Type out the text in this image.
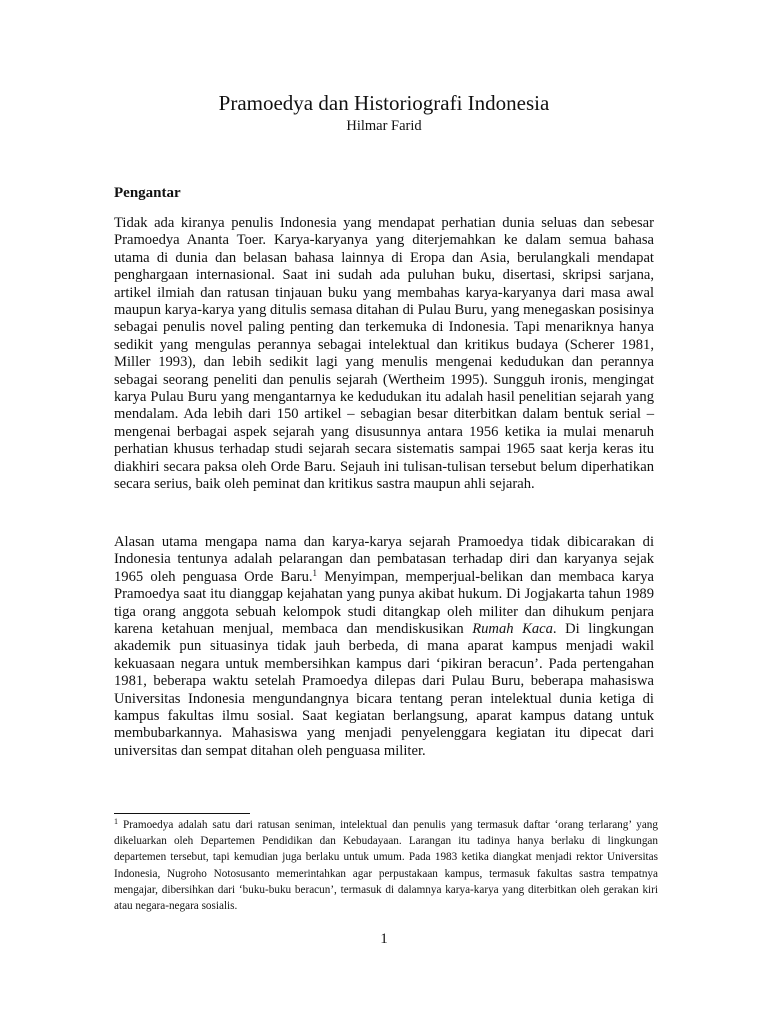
Pramoedya dan Historiografi Indonesia
Hilmar Farid
Pengantar

Tidak ada kiranya penulis Indonesia yang mendapat perhatian dunia seluas dan sebesar Pramoedya Ananta Toer. Karya-karyanya yang diterjemahkan ke dalam semua bahasa utama di dunia dan belasan bahasa lainnya di Eropa dan Asia, berulangkali mendapat penghargaan internasional. Saat ini sudah ada puluhan buku, disertasi, skripsi sarjana, artikel ilmiah dan ratusan tinjauan buku yang membahas karya-karyanya dari masa awal maupun karya-karya yang ditulis semasa ditahan di Pulau Buru, yang menegaskan posisinya sebagai penulis novel paling penting dan terkemuka di Indonesia. Tapi menariknya hanya sedikit yang mengulas perannya sebagai intelektual dan kritikus budaya (Scherer 1981, Miller 1993), dan lebih sedikit lagi yang menulis mengenai kedudukan dan perannya sebagai seorang peneliti dan penulis sejarah (Wertheim 1995). Sungguh ironis, mengingat karya Pulau Buru yang mengantarnya ke kedudukan itu adalah hasil penelitian sejarah yang mendalam. Ada lebih dari 150 artikel – sebagian besar diterbitkan dalam bentuk serial – mengenai berbagai aspek sejarah yang disusunnya antara 1956 ketika ia mulai menaruh perhatian khusus terhadap studi sejarah secara sistematis sampai 1965 saat kerja keras itu diakhiri secara paksa oleh Orde Baru. Sejauh ini tulisan-tulisan tersebut belum diperhatikan secara serius, baik oleh peminat dan kritikus sastra maupun ahli sejarah.

Alasan utama mengapa nama dan karya-karya sejarah Pramoedya tidak dibicarakan di Indonesia tentunya adalah pelarangan dan pembatasan terhadap diri dan karyanya sejak 1965 oleh penguasa Orde Baru.$^1$ Menyimpan, memperjual-belikan dan membaca karya Pramoedya saat itu dianggap kejahatan yang punya akibat hukum. Di Jogjakarta tahun 1989 tiga orang anggota sebuah kelompok studi ditangkap oleh militer dan dihukum penjara karena ketahuan menjual, membaca dan mendiskusikan Rumah Kaca. Di lingkungan akademik pun situasinya tidak jauh berbeda, di mana aparat kampus menjadi wakil kekuasaan negara untuk membersihkan kampus dari ‘pikiran beracun’. Pada pertengahan 1981, beberapa waktu setelah Pramoedya dilepas dari Pulau Buru, beberapa mahasiswa Universitas Indonesia mengundangnya bicara tentang peran intelektual dunia ketiga di kampus fakultas ilmu sosial. Saat kegiatan berlangsung, aparat kampus datang untuk membubarkannya. Mahasiswa yang menjadi penyelenggara kegiatan itu dipecat dari universitas dan sempat ditahan oleh penguasa militer.

$^1$ Pramoedya adalah satu dari ratusan seniman, intelektual dan penulis yang termasuk daftar ‘orang terlarang’ yang dikeluarkan oleh Departemen Pendidikan dan Kebudayaan. Larangan itu tadinya hanya berlaku di lingkungan departemen tersebut, tapi kemudian juga berlaku untuk umum. Pada 1983 ketika diangkat menjadi rektor Universitas Indonesia, Nugroho Notosusanto memerintahkan agar perpustakaan kampus, termasuk fakultas sastra tempatnya mengajar, dibersihkan dari ‘buku-buku beracun’, termasuk di dalamnya karya-karya yang diterbitkan oleh gerakan kiri atau negara-negara sosialis.

1
